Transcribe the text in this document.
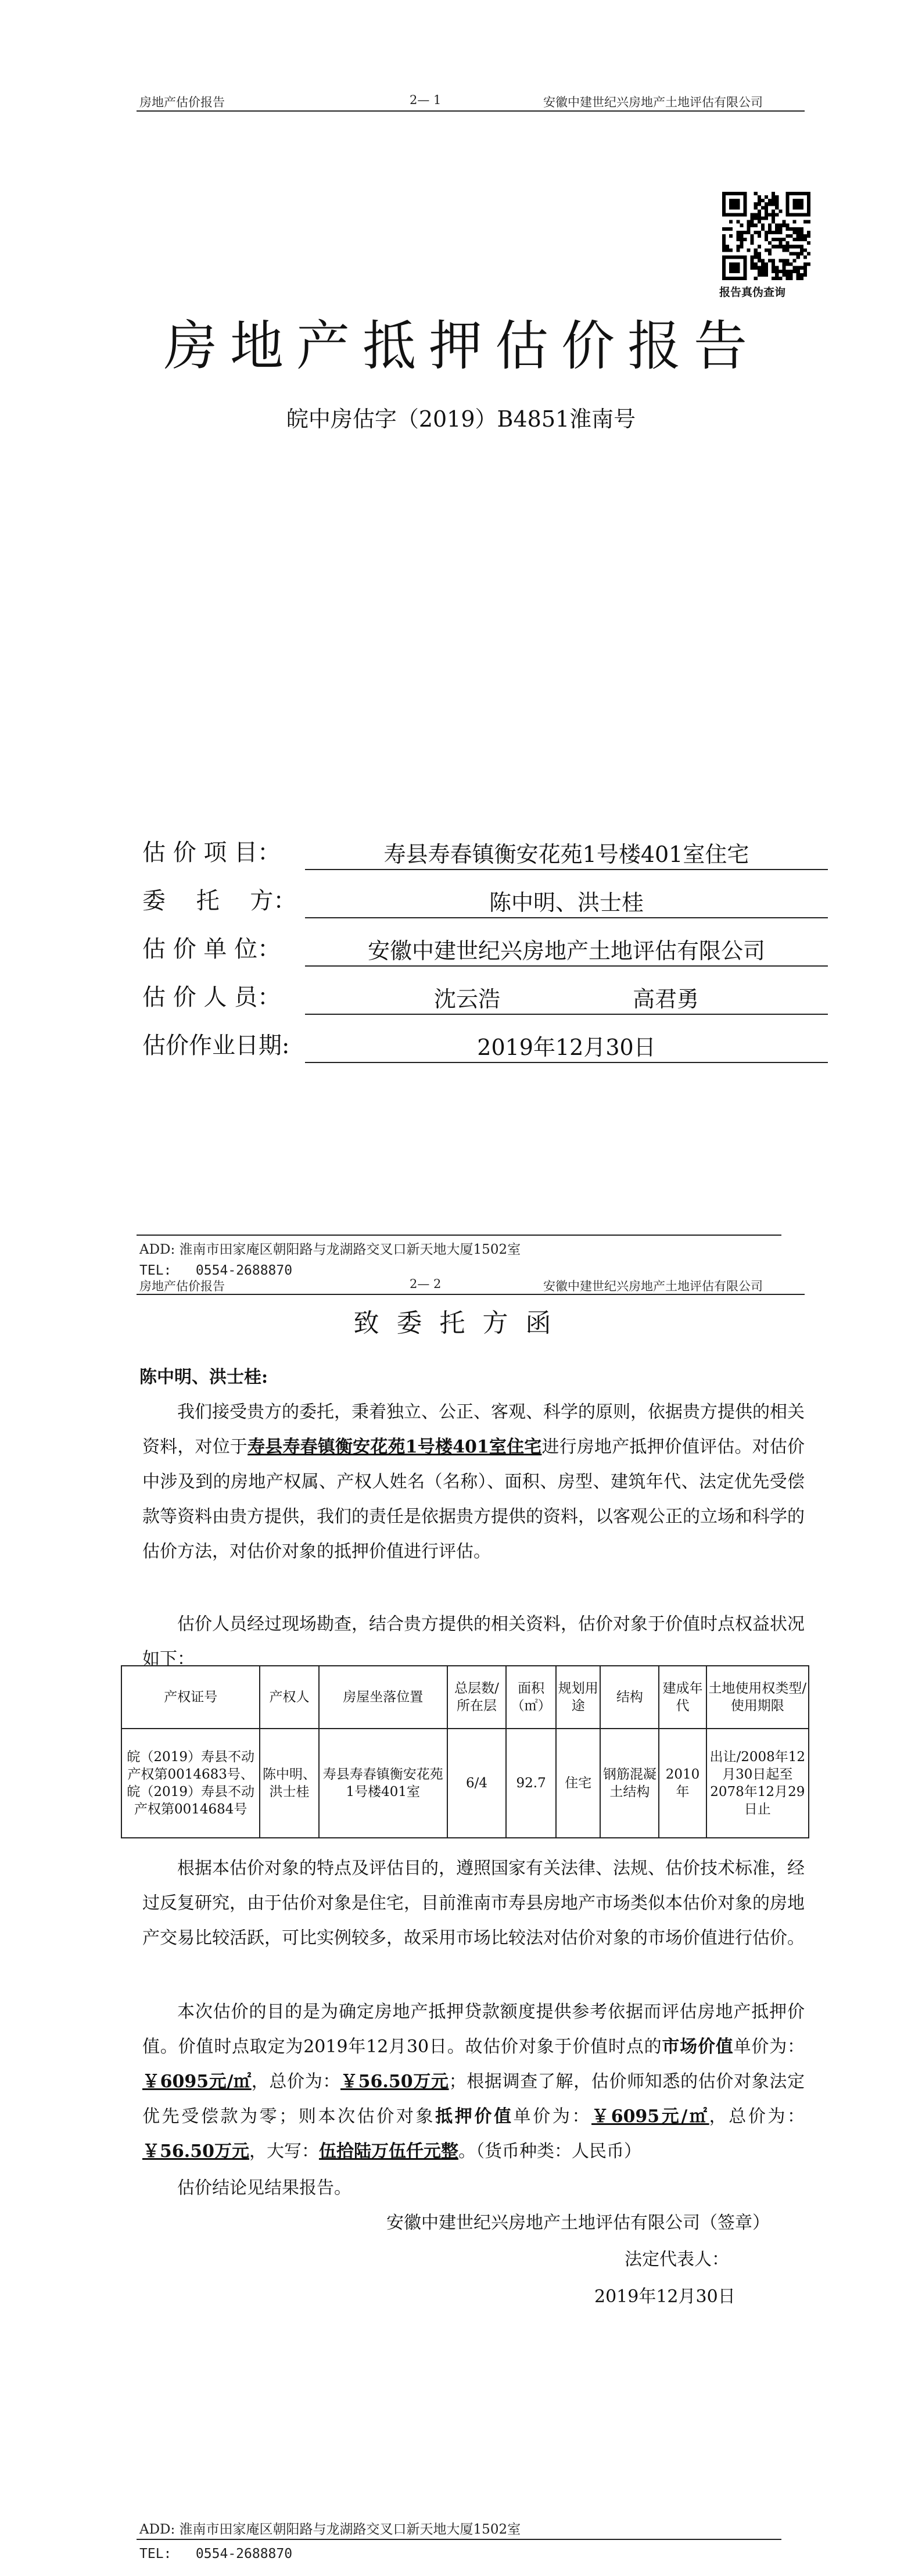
房地产估价报告	2— 1	安徽中建世纪兴房地产土地评估有限公司
报告真伪查询
房地产抵押估价报告
皖中房估字（2019）B4851淮南号
估 价 项 目：	寿县寿春镇衡安花苑1号楼401室住宅
委　 托　 方：	陈中明、洪士桂
估 价 单 位：	安徽中建世纪兴房地产土地评估有限公司
估 价 人 员：	沈云浩　　　　　　高君勇
估价作业日期:	2019年12月30日
ADD: 淮南市田家庵区朝阳路与龙湖路交叉口新天地大厦1502室
TEL:   0554-2688870
房地产估价报告	2— 2	安徽中建世纪兴房地产土地评估有限公司
致委托方函
陈中明、洪士桂:
我们接受贵方的委托，秉着独立、公正、客观、科学的原则，依据贵方提供的相关资料，对位于寿县寿春镇衡安花苑1号楼401室住宅进行房地产抵押价值评估。对估价中涉及到的房地产权属、产权人姓名（名称）、面积、房型、建筑年代、法定优先受偿款等资料由贵方提供，我们的责任是依据贵方提供的资料，以客观公正的立场和科学的估价方法，对估价对象的抵押价值进行评估。
估价人员经过现场勘查，结合贵方提供的相关资料，估价对象于价值时点权益状况如下：
产权证号	产权人	房屋坐落位置	总层数/所在层	面积（㎡）	规划用途	结构	建成年代	土地使用权类型/使用期限
皖（2019）寿县不动产权第0014683号、皖（2019）寿县不动产权第0014684号	陈中明、洪士桂	寿县寿春镇衡安花苑1号楼401室	6/4	92.7	住宅	钢筋混凝土结构	2010年	出让/2008年12月30日起至2078年12月29日止
根据本估价对象的特点及评估目的，遵照国家有关法律、法规、估价技术标准，经过反复研究，由于估价对象是住宅，目前淮南市寿县房地产市场类似本估价对象的房地产交易比较活跃，可比实例较多，故采用市场比较法对估价对象的市场价值进行估价。
本次估价的目的是为确定房地产抵押贷款额度提供参考依据而评估房地产抵押价值。价值时点取定为2019年12月30日。故估价对象于价值时点的市场价值单价为：￥6095元/㎡，总价为：￥56.50万元；根据调查了解，估价师知悉的估价对象法定优先受偿款为零；则本次估价对象抵押价值单价为：￥6095元/㎡，总价为：￥56.50万元，大写：伍拾陆万伍仟元整。（货币种类：人民币）
估价结论见结果报告。
安徽中建世纪兴房地产土地评估有限公司（签章）
法定代表人：
2019年12月30日
ADD: 淮南市田家庵区朝阳路与龙湖路交叉口新天地大厦1502室
TEL:   0554-2688870
